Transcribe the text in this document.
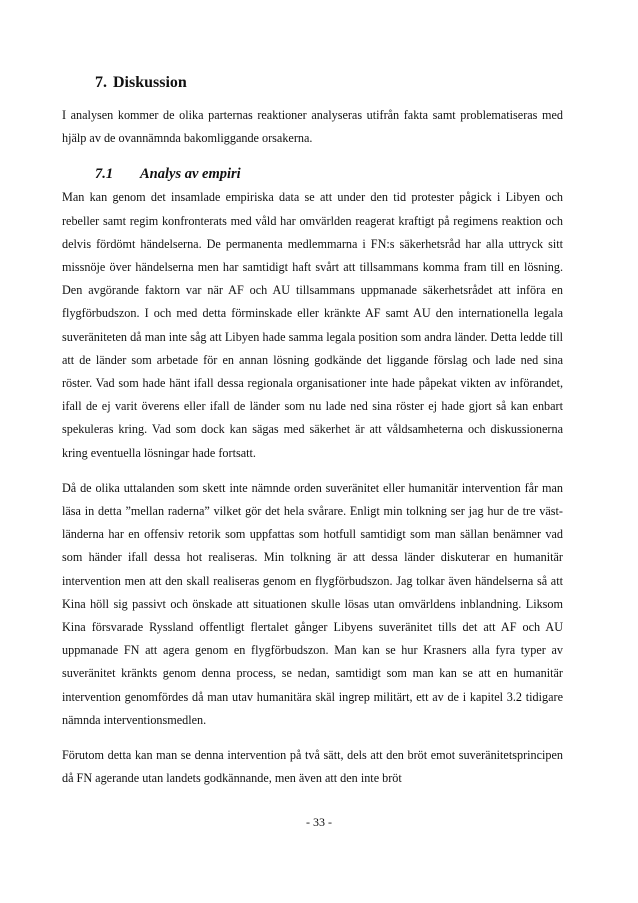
7. Diskussion

I analysen kommer de olika parternas reaktioner analyseras utifrån fakta samt problematiseras med hjälp av de ovannämnda bakomliggande orsakerna.

7.1	Analys av empiri

Man kan genom det insamlade empiriska data se att under den tid protester pågick i Libyen och rebeller samt regim konfronterats med våld har omvärlden reagerat kraftigt på regimens reaktion och delvis fördömt händelserna. De permanenta medlemmarna i FN:s säkerhetsråd har alla uttryck sitt missnöje över händelserna men har samtidigt haft svårt att tillsammans komma fram till en lösning. Den avgörande faktorn var när AF och AU tillsammans uppmanade säkerhetsrådet att införa en flygförbudszon. I och med detta förminskade eller kränkte AF samt AU den internationella legala suveräniteten då man inte såg att Libyen hade samma legala position som andra länder. Detta ledde till att de länder som arbetade för en annan lösning godkände det liggande förslag och lade ned sina röster. Vad som hade hänt ifall dessa regionala organisationer inte hade påpekat vikten av införandet, ifall de ej varit överens eller ifall de länder som nu lade ned sina röster ej hade gjort så kan enbart spekuleras kring. Vad som dock kan sägas med säkerhet är att våldsamheterna och diskussionerna kring eventuella lösningar hade fortsatt.

Då de olika uttalanden som skett inte nämnde orden suveränitet eller humanitär intervention får man läsa in detta ”mellan raderna” vilket gör det hela svårare. Enligt min tolkning ser jag hur de tre väst-länderna har en offensiv retorik som uppfattas som hotfull samtidigt som man sällan benämner vad som händer ifall dessa hot realiseras. Min tolkning är att dessa länder diskuterar en humanitär intervention men att den skall realiseras genom en flygförbudszon. Jag tolkar även händelserna så att Kina höll sig passivt och önskade att situationen skulle lösas utan omvärldens inblandning. Liksom Kina försvarade Ryssland offentligt flertalet gånger Libyens suveränitet tills det att AF och AU uppmanade FN att agera genom en flygförbudszon. Man kan se hur Krasners alla fyra typer av suveränitet kränkts genom denna process, se nedan, samtidigt som man kan se att en humanitär intervention genomfördes då man utav humanitära skäl ingrep militärt, ett av de i kapitel 3.2 tidigare nämnda interventionsmedlen.

Förutom detta kan man se denna intervention på två sätt, dels att den bröt emot suveränitetsprincipen då FN agerande utan landets godkännande, men även att den inte bröt

- 33 -
